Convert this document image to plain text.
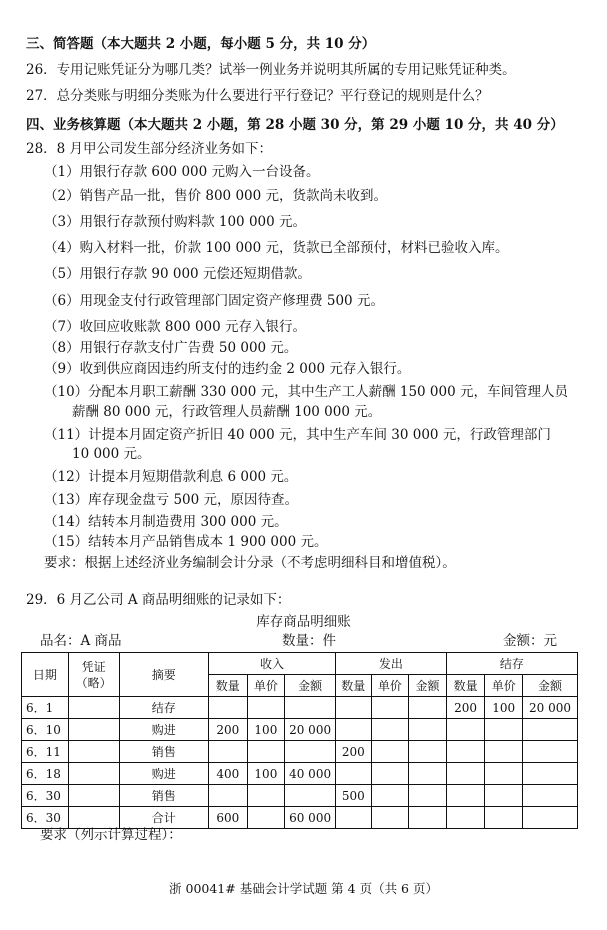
三、简答题（本大题共 2 小题，每小题 5 分，共 10 分）
26．专用记账凭证分为哪几类？试举一例业务并说明其所属的专用记账凭证种类。
27．总分类账与明细分类账为什么要进行平行登记？平行登记的规则是什么？
四、业务核算题（本大题共 2 小题，第 28 小题 30 分，第 29 小题 10 分，共 40 分）
28．8 月甲公司发生部分经济业务如下：
（1）用银行存款 600 000 元购入一台设备。
（2）销售产品一批，售价 800 000 元，货款尚未收到。
（3）用银行存款预付购料款 100 000 元。
（4）购入材料一批，价款 100 000 元，货款已全部预付，材料已验收入库。
（5）用银行存款 90 000 元偿还短期借款。
（6）用现金支付行政管理部门固定资产修理费 500 元。
（7）收回应收账款 800 000 元存入银行。
（8）用银行存款支付广告费 50 000 元。
（9）收到供应商因违约所支付的违约金 2 000 元存入银行。
（10）分配本月职工薪酬 330 000 元，其中生产工人薪酬 150 000 元，车间管理人员
薪酬 80 000 元，行政管理人员薪酬 100 000 元。
（11）计提本月固定资产折旧 40 000 元，其中生产车间 30 000 元，行政管理部门
10 000 元。
（12）计提本月短期借款利息 6 000 元。
（13）库存现金盘亏 500 元，原因待查。
（14）结转本月制造费用 300 000 元。
（15）结转本月产品销售成本 1 900 000 元。
要求：根据上述经济业务编制会计分录（不考虑明细科目和增值税）。
29．6 月乙公司 A 商品明细账的记录如下：
库存商品明细账
品名：A 商品	数量：件	金额：元
日期	凭证（略）	摘要	收入			发出			结存		
			数量	单价	金额	数量	单价	金额	数量	单价	金额
6．1		结存							200	100	20 000
6．10		购进	200	100	20 000						
6．11		销售				200					
6．18		购进	400	100	40 000						
6．30		销售				500					
6．30		合计	600		60 000						
要求（列示计算过程）：
浙 00041# 基础会计学试题 第 4 页（共 6 页）
